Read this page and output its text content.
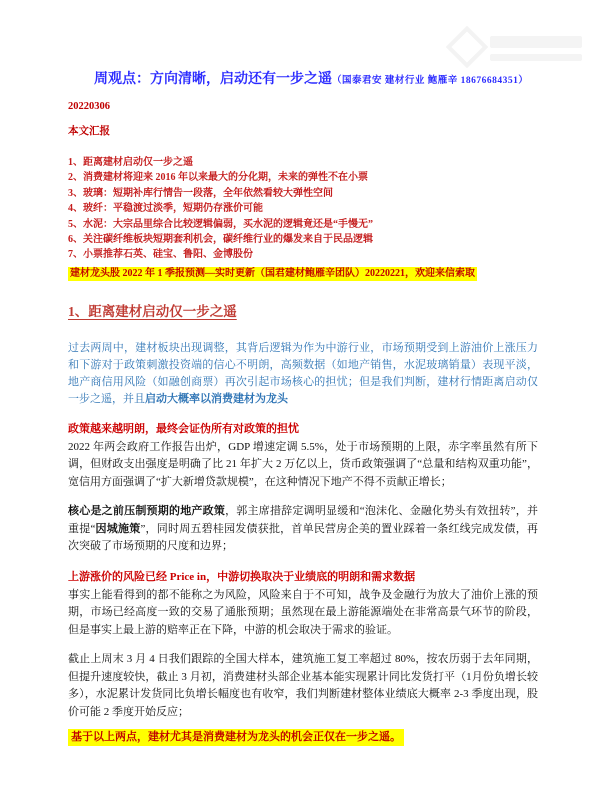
周观点：方向清晰，启动还有一步之遥（国泰君安 建材行业 鲍雁辛 18676684351）

20220306

本文汇报

1、距离建材启动仅一步之遥

2、消费建材将迎来 2016 年以来最大的分化期，未来的弹性不在小票

3、玻璃：短期补库行情告一段落，全年依然看较大弹性空间

4、玻纤：平稳渡过淡季，短期仍存涨价可能

5、水泥：大宗品里综合比较逻辑偏弱，买水泥的逻辑竟还是“手慢无”

6、关注碳纤维板块短期套利机会，碳纤维行业的爆发来自于民品逻辑

7、小票推荐石英、硅宝、鲁阳、金博股份

建材龙头股 2022 年 1 季报预测—实时更新（国君建材鲍雁辛团队）20220221，欢迎来信索取

1、距离建材启动仅一步之遥

过去两周中，建材板块出现调整，其背后逻辑为作为中游行业，市场预期受到上游油价上涨压力和下游对于政策刺激投资端的信心不明朗，高频数据（如地产销售，水泥玻璃销量）表现平淡，地产商信用风险（如融创商票）再次引起市场核心的担忧；但是我们判断，建材行情距离启动仅一步之遥，并且启动大概率以消费建材为龙头

政策越来越明朗，最终会证伪所有对政策的担忧

2022 年两会政府工作报告出炉，GDP 增速定调 5.5%，处于市场预期的上限，赤字率虽然有所下调，但财政支出强度是明确了比 21 年扩大 2 万亿以上，货币政策强调了“总量和结构双重功能”，宽信用方面强调了“扩大新增贷款规模”，在这种情况下地产不得不贡献正增长；

核心是之前压制预期的地产政策，郭主席措辞定调明显缓和“泡沫化、金融化势头有效扭转”，并重提“因城施策”，同时周五碧桂园发债获批，首单民营房企美的置业踩着一条红线完成发债，再次突破了市场预期的尺度和边界；

上游涨价的风险已经 Price in，中游切换取决于业绩底的明朗和需求数据

事实上能看得到的都不能称之为风险，风险来自于不可知，战争及金融行为放大了油价上涨的预期，市场已经高度一致的交易了通胀预期；虽然现在最上游能源端处在非常高景气环节的阶段，但是事实上最上游的赔率正在下降，中游的机会取决于需求的验证。

截止上周末 3 月 4 日我们跟踪的全国大样本，建筑施工复工率超过 80%，按农历弱于去年同期，但提升速度较快，截止 3 月初，消费建材头部企业基本能实现累计同比发货打平（1月份负增长较多），水泥累计发货同比负增长幅度也有收窄，我们判断建材整体业绩底大概率 2-3 季度出现，股价可能 2 季度开始反应；

基于以上两点，建材尤其是消费建材为龙头的机会正仅在一步之遥。
